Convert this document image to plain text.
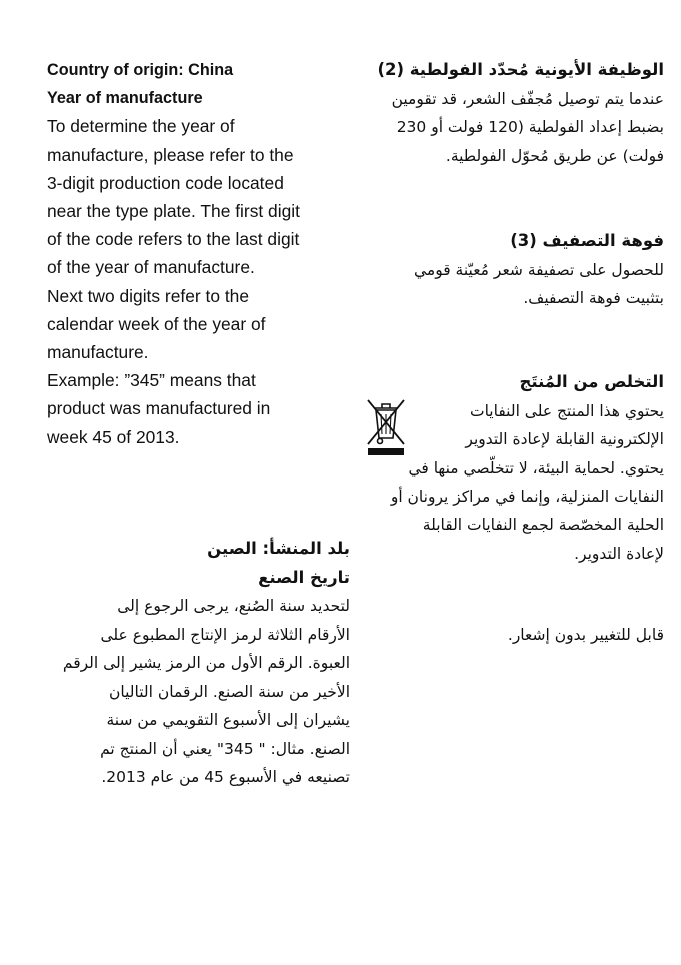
Country of origin: China

Year of manufacture

To determine the year of

manufacture, please refer to the

3-digit production code located

near the type plate. The first digit

of the code refers to the last digit

of the year of manufacture.

Next two digits refer to the

calendar week of the year of

manufacture.

Example: ”345” means that

product was manufactured in

week 45 of 2013.

الوظيفة الأيونية مُحدّد الفولطية (2)

عندما يتم توصيل مُجفّف الشعر، قد تقومين

بضبط إعداد الفولطية (120 فولت أو 230

فولت) عن طريق مُحوّل الفولطية.

فوهة التصفيف (3)

للحصول على تصفيفة شعر مُعيّنة قومي

بتثبيت فوهة التصفيف.

التخلص من المُنتَج

يحتوي هذا المنتج على النفايات

الإلكترونية القابلة لإعادة التدوير

يحتوي. لحماية البيئة، لا تتخلّصي منها في

النفايات المنزلية، وإنما في مراكز يرونان أو

الحلية المخصّصة لجمع النفايات القابلة

لإعادة التدوير.

قابل للتغيير بدون إشعار.

بلد المنشأ: الصين
تاريخ الصنع

لتحديد سنة الصُنع، يرجى الرجوع إلى

الأرقام الثلاثة لرمز الإنتاج المطبوع على

العبوة. الرقم الأول من الرمز يشير إلى الرقم

الأخير من سنة الصنع. الرقمان التاليان

يشيران إلى الأسبوع التقويمي من سنة

الصنع. مثال: " 345" يعني أن المنتج تم

تصنيعه في الأسبوع 45 من عام 2013.
